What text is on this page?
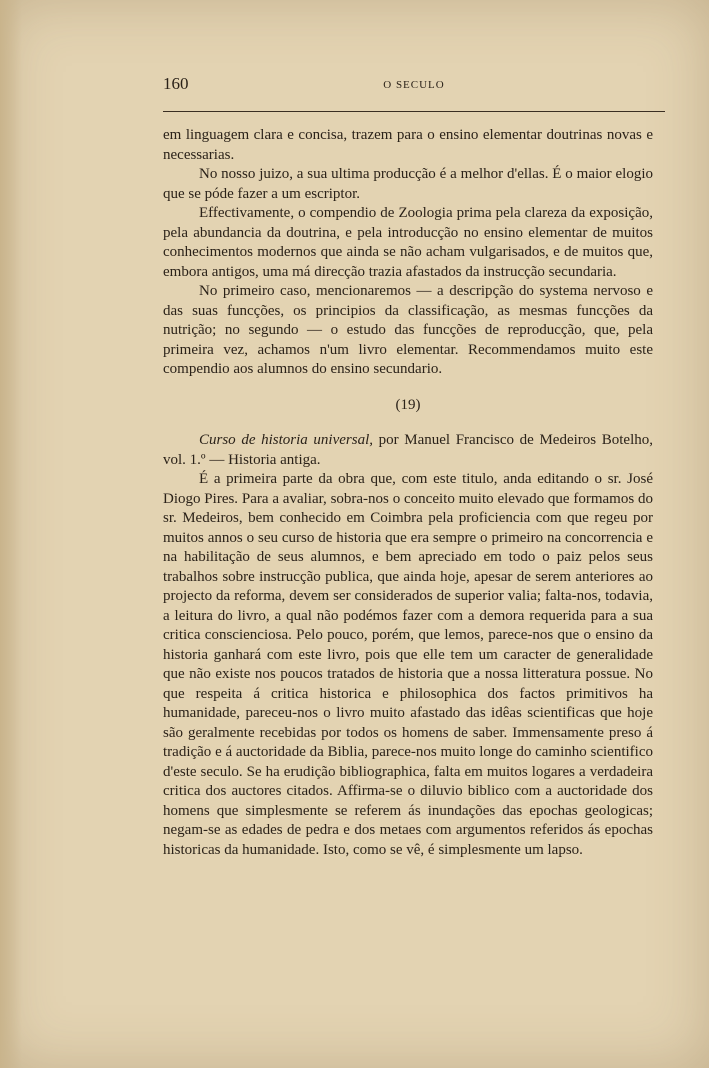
160	O SECULO

em linguagem clara e concisa, trazem para o ensino elementar doutrinas novas e necessarias.

No nosso juizo, a sua ultima producção é a melhor d'ellas. É o maior elogio que se póde fazer a um escriptor.

Effectivamente, o compendio de Zoologia prima pela clareza da exposição, pela abundancia da doutrina, e pela introducção no ensino elementar de muitos conhecimentos modernos que ainda se não acham vulgarisados, e de muitos que, embora antigos, uma má direcção trazia afastados da instrucção secundaria.

No primeiro caso, mencionaremos — a descripção do systema nervoso e das suas funcções, os principios da classificação, as mesmas funcções da nutrição; no segundo — o estudo das funcções de reproducção, que, pela primeira vez, achamos n'um livro elementar. Recommendamos muito este compendio aos alumnos do ensino secundario.

(19)

Curso de historia universal, por Manuel Francisco de Medeiros Botelho, vol. 1.º — Historia antiga.

É a primeira parte da obra que, com este titulo, anda editando o sr. José Diogo Pires. Para a avaliar, sobra-nos o conceito muito elevado que formamos do sr. Medeiros, bem conhecido em Coimbra pela proficiencia com que regeu por muitos annos o seu curso de historia que era sempre o primeiro na concorrencia e na habilitação de seus alumnos, e bem apreciado em todo o paiz pelos seus trabalhos sobre instrucção publica, que ainda hoje, apesar de serem anteriores ao projecto da reforma, devem ser considerados de superior valia; falta-nos, todavia, a leitura do livro, a qual não podémos fazer com a demora requerida para a sua critica conscienciosa. Pelo pouco, porém, que lemos, parece-nos que o ensino da historia ganhará com este livro, pois que elle tem um caracter de generalidade que não existe nos poucos tratados de historia que a nossa litteratura possue. No que respeita á critica historica e philosophica dos factos primitivos ha humanidade, pareceu-nos o livro muito afastado das idêas scientificas que hoje são geralmente recebidas por todos os homens de saber. Immensamente preso á tradição e á auctoridade da Biblia, parece-nos muito longe do caminho scientifico d'este seculo. Se ha erudição bibliographica, falta em muitos logares a verdadeira critica dos auctores citados. Affirma-se o diluvio biblico com a auctoridade dos homens que simplesmente se referem ás inundações das epochas geologicas; negam-se as edades de pedra e dos metaes com argumentos referidos ás epochas historicas da humanidade. Isto, como se vê, é simplesmente um lapso.
